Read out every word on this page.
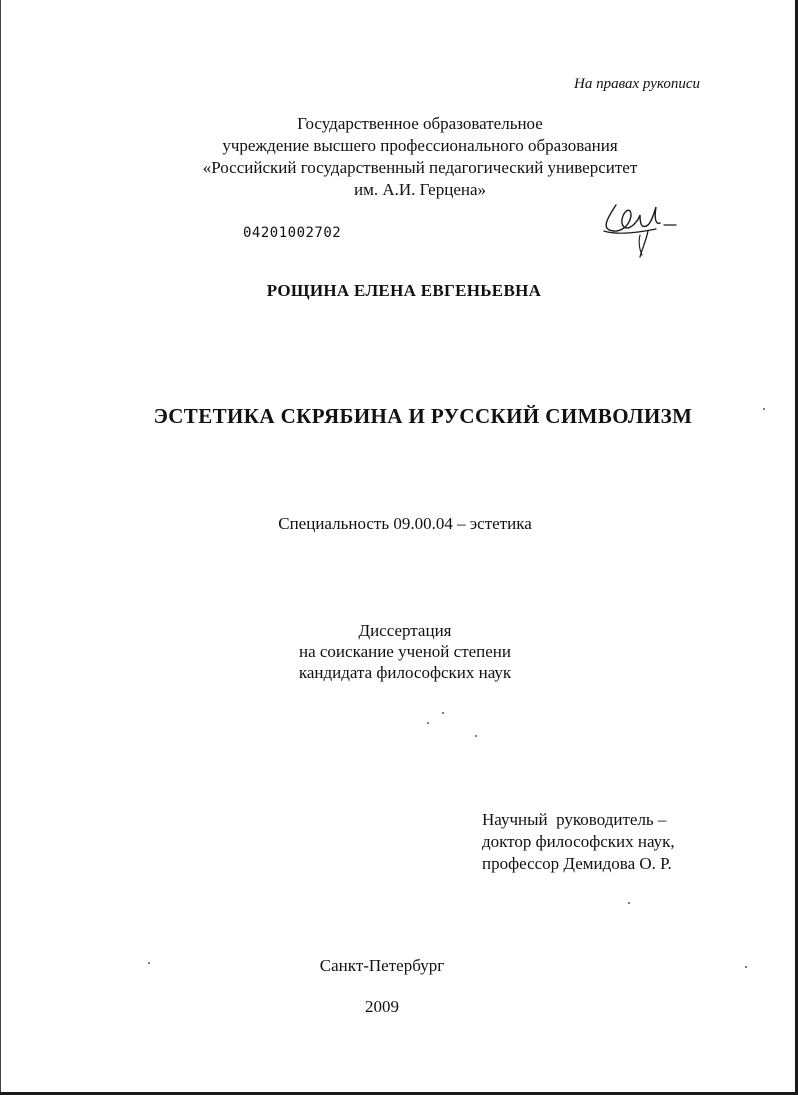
На правах рукописи
Государственное образовательное
учреждение высшего профессионального образования
«Российский государственный педагогический университет
им. А.И. Герцена»
04201002702
РОЩИНА ЕЛЕНА ЕВГЕНЬЕВНА
ЭСТЕТИКА СКРЯБИНА И РУССКИЙ СИМВОЛИЗМ
Специальность 09.00.04 – эстетика
Диссертация
на соискание ученой степени
кандидата философских наук
Научный  руководитель –
доктор философских наук,
профессор Демидова О. Р.
Санкт-Петербург
2009
